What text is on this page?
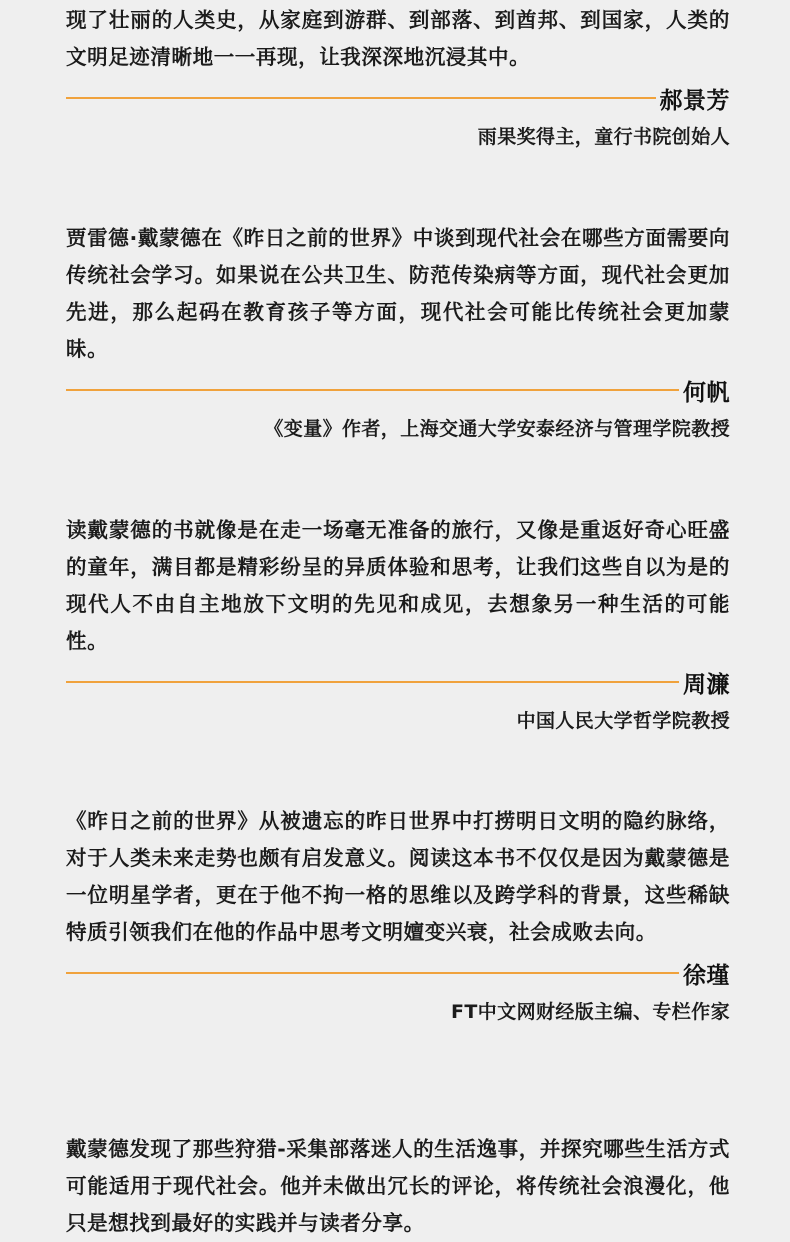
现了壮丽的人类史，从家庭到游群、到部落、到酋邦、到国家，人类的文明足迹清晰地一一再现，让我深深地沉浸其中。

郝景芳
雨果奖得主，童行书院创始人

贾雷德·戴蒙德在《昨日之前的世界》中谈到现代社会在哪些方面需要向传统社会学习。如果说在公共卫生、防范传染病等方面，现代社会更加先进，那么起码在教育孩子等方面，现代社会可能比传统社会更加蒙昧。

何帆
《变量》作者，上海交通大学安泰经济与管理学院教授

读戴蒙德的书就像是在走一场毫无准备的旅行，又像是重返好奇心旺盛的童年，满目都是精彩纷呈的异质体验和思考，让我们这些自以为是的现代人不由自主地放下文明的先见和成见，去想象另一种生活的可能性。

周濂
中国人民大学哲学院教授

《昨日之前的世界》从被遗忘的昨日世界中打捞明日文明的隐约脉络，对于人类未来走势也颇有启发意义。阅读这本书不仅仅是因为戴蒙德是一位明星学者，更在于他不拘一格的思维以及跨学科的背景，这些稀缺特质引领我们在他的作品中思考文明嬗变兴衰，社会成败去向。

徐瑾
FT中文网财经版主编、专栏作家

戴蒙德发现了那些狩猎-采集部落迷人的生活逸事，并探究哪些生活方式可能适用于现代社会。他并未做出冗长的评论，将传统社会浪漫化，他只是想找到最好的实践并与读者分享。
